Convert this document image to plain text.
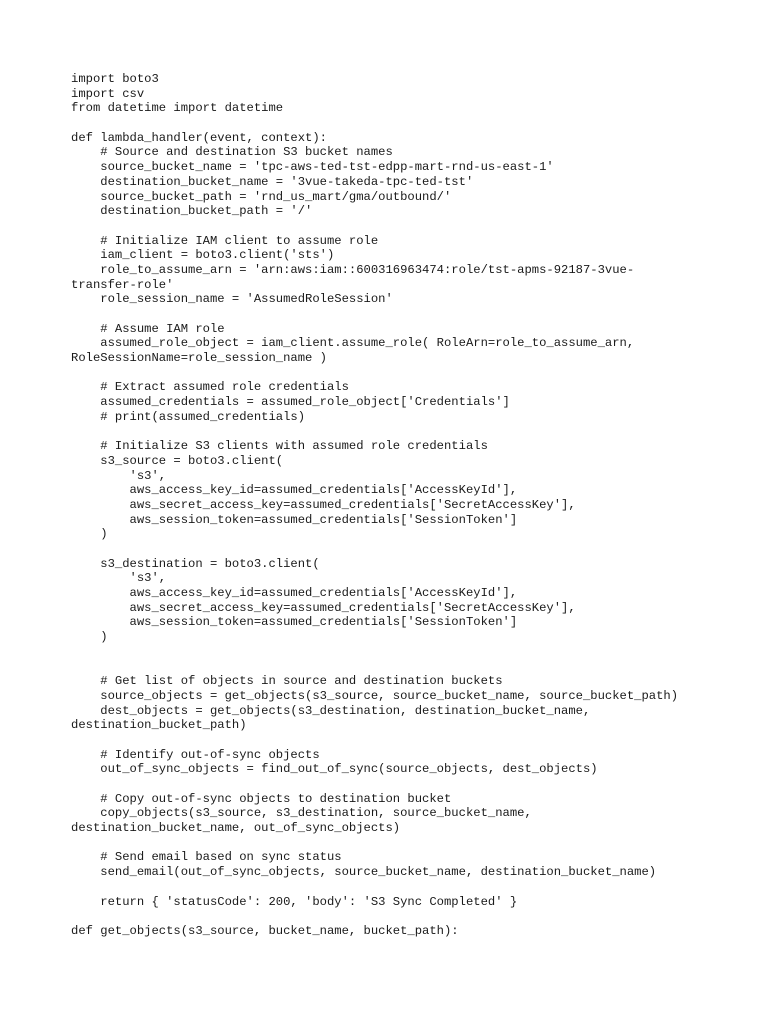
import boto3
import csv
from datetime import datetime
def lambda_handler(event, context):
# Source and destination S3 bucket names
source_bucket_name = 'tpc-aws-ted-tst-edpp-mart-rnd-us-east-1'
destination_bucket_name = '3vue-takeda-tpc-ted-tst'
source_bucket_path = 'rnd_us_mart/gma/outbound/'
destination_bucket_path = '/'
# Initialize IAM client to assume role
iam_client = boto3.client('sts')
role_to_assume_arn = 'arn:aws:iam::600316963474:role/tst-apms-92187-3vue-
transfer-role'
role_session_name = 'AssumedRoleSession'
# Assume IAM role
assumed_role_object = iam_client.assume_role( RoleArn=role_to_assume_arn,
RoleSessionName=role_session_name )
# Extract assumed role credentials
assumed_credentials = assumed_role_object['Credentials']
# print(assumed_credentials)
# Initialize S3 clients with assumed role credentials
s3_source = boto3.client(
's3',
aws_access_key_id=assumed_credentials['AccessKeyId'],
aws_secret_access_key=assumed_credentials['SecretAccessKey'],
aws_session_token=assumed_credentials['SessionToken']
)
s3_destination = boto3.client(
's3',
aws_access_key_id=assumed_credentials['AccessKeyId'],
aws_secret_access_key=assumed_credentials['SecretAccessKey'],
aws_session_token=assumed_credentials['SessionToken']
)
# Get list of objects in source and destination buckets
source_objects = get_objects(s3_source, source_bucket_name, source_bucket_path)
dest_objects = get_objects(s3_destination, destination_bucket_name,
destination_bucket_path)
# Identify out-of-sync objects
out_of_sync_objects = find_out_of_sync(source_objects, dest_objects)
# Copy out-of-sync objects to destination bucket
copy_objects(s3_source, s3_destination, source_bucket_name,
destination_bucket_name, out_of_sync_objects)
# Send email based on sync status
send_email(out_of_sync_objects, source_bucket_name, destination_bucket_name)
return { 'statusCode': 200, 'body': 'S3 Sync Completed' }
def get_objects(s3_source, bucket_name, bucket_path):
